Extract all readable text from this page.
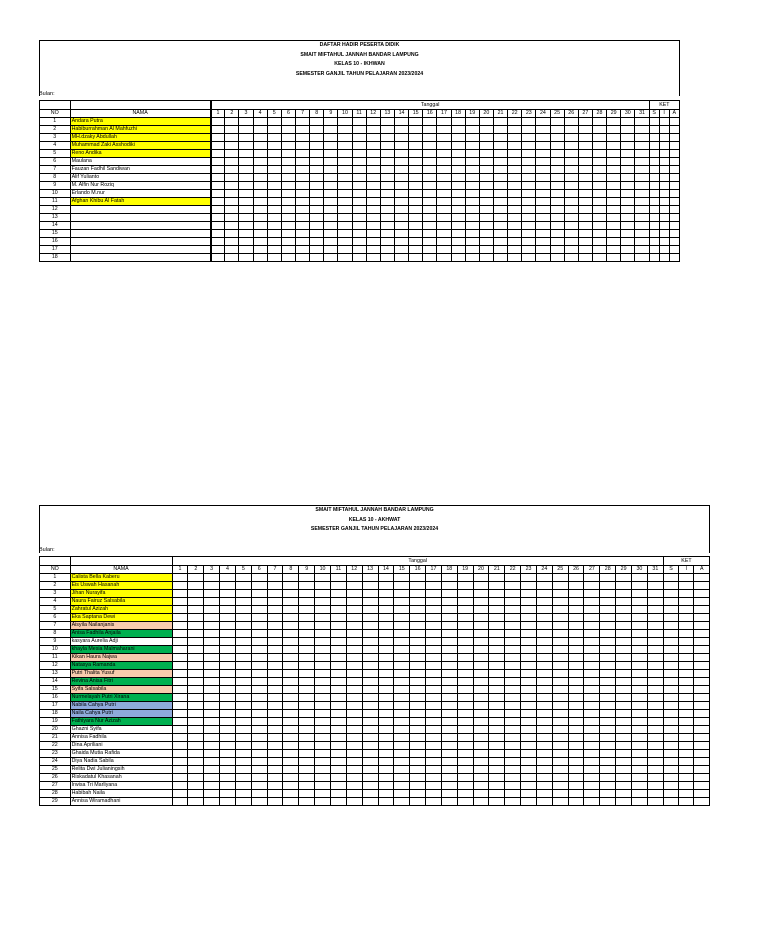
DAFTAR HADIR PESERTA DIDIK
SMAIT MIFTAHUL JANNAH BANDAR LAMPUNG
KELAS 10 - IKHWAN
SEMESTER GANJIL TAHUN PELAJARAN 2023/2024
Bulan:
		Tanggal																															KET		
NO	NAMA	1	2	3	4	5	6	7	8	9	10	11	12	13	14	15	16	17	18	19	20	21	22	23	24	25	26	27	28	29	30	31	S	I	A
1	Andara Putra																																		
2	Habiburrahman Al Mahfuzhi																																		
3	MH.dzaky Abdullah																																		
4	Muhammad Zaki Asshodiki																																		
5	Reno Andika																																		
6	Maulana																																		
7	Fauzan Fadhil Sandiwan																																		
8	Alif Yulianto																																		
9	M. Alfin Nur Roziq																																		
10	Erlando M.nur																																		
11	Afghan Khibu Al Fatah																																		
12																																			
13																																			
14																																			
15																																			
16																																			
17																																			
18																																			
SMAIT MIFTAHUL JANNAH BANDAR LAMPUNG
KELAS 10 - AKHWAT
SEMESTER GANJIL TAHUN PELAJARAN 2023/2024
Bulan:
		Tanggal																															KET		
NO	NAMA	1	2	3	4	5	6	7	8	9	10	11	12	13	14	15	16	17	18	19	20	21	22	23	24	25	26	27	28	29	30	31	S	I	A
1	Calista Bella Kaberu																																		
2	Eis Uswah Hasanah																																		
3	Jihan Nurayifa																																		
4	Naura Fairuz Salsabila																																		
5	Zahratul Azizah																																		
6	Eka Saptana Dewi																																		
7	Aisyila Nailanjanis																																		
8	Anisa Fadhila Anjaila																																		
9	kasyara Aurelia Adji																																		
10	khayla Mesia Malmaharani																																		
11	Kikan Haura Najwa																																		
12	Natasya Ramanda																																		
13	Putri Thalita Yusuf																																		
14	Revina Anisa Fitri																																		
15	Syifa Salsabila																																		
16	Nurmelayah Putri Xirana																																		
17	Nabila Cahya Putri																																		
18	Naila Cahya Putri																																		
19	Fathiyara Nur Azizah																																		
20	Ghazni Syifa																																		
21	Annisa Fadhila																																		
22	Dina Apriliani																																		
23	Ghaida Mutia Rafida																																		
24	Diya Nadia Sabila																																		
25	Relita Dwi Julianingsih																																		
26	Riskadatul Khasanah																																		
27	Irwisa Tri Marliyana																																		
28	Habibah Naila																																		
29	Annisa Wiramadhani																																		
